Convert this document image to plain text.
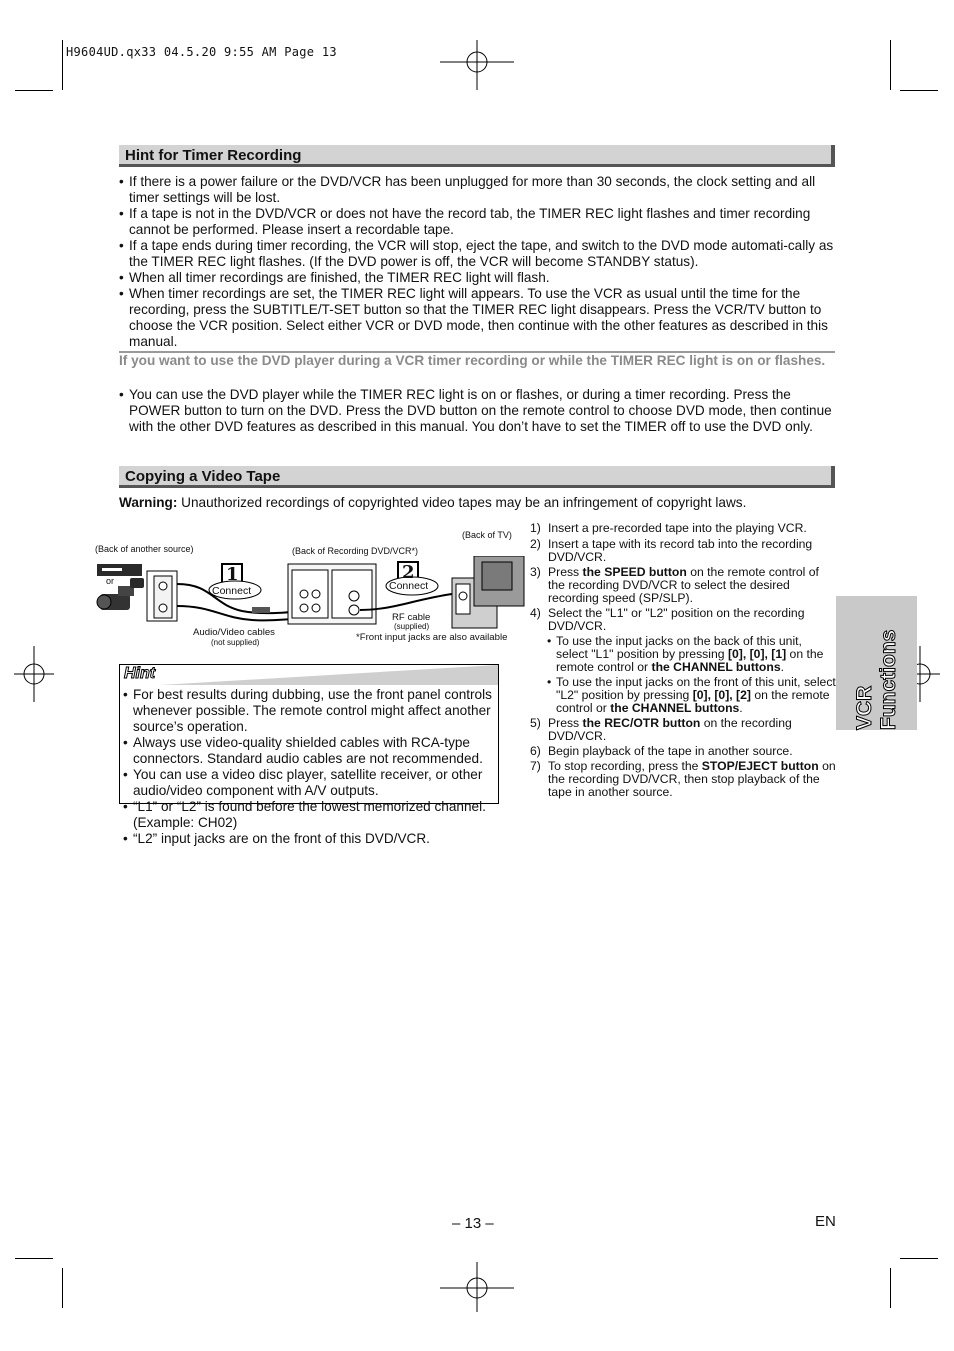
H9604UD.qx33 04.5.20 9:55 AM Page 13
Hint for Timer Recording
• If there is a power failure or the DVD/VCR has been unplugged for more than 30 seconds, the clock setting and all timer settings will be lost.
• If a tape is not in the DVD/VCR or does not have the record tab, the TIMER REC light flashes and timer recording cannot be performed. Please insert a recordable tape.
• If a tape ends during timer recording, the VCR will stop, eject the tape, and switch to the DVD mode automati-cally as the TIMER REC light flashes. (If the DVD power is off, the VCR will become STANDBY status).
• When all timer recordings are finished, the TIMER REC light will flash.
• When timer recordings are set, the TIMER REC light will appears. To use the VCR as usual until the time for the recording, press the SUBTITLE/T-SET button so that the TIMER REC light disappears. Press the VCR/TV button to choose the VCR position. Select either VCR or DVD mode, then continue with the other features as described in this manual.
If you want to use the DVD player during a VCR timer recording or while the TIMER REC light is on or flashes.
• You can use the DVD player while the TIMER REC light is on or flashes, or during a timer recording. Press the POWER button to turn on the DVD. Press the DVD button on the remote control to choose DVD mode, then continue with the other DVD features as described in this manual. You don’t have to set the TIMER off to use the DVD only.
Copying a Video Tape
Warning: Unauthorized recordings of copyrighted video tapes may be an infringement of copyright laws.
(Back of another source)	(Back of Recording DVD/VCR*)
(Back of TV)
1	2
Connect	Connect
or
Audio/Video cables
(not supplied)
RF cable
(supplied)
*Front input jacks are also available
Hint
• For best results during dubbing, use the front panel controls whenever possible. The remote control might affect another source’s operation.
• Always use video-quality shielded cables with RCA-type connectors. Standard audio cables are not recommended.
• You can use a video disc player, satellite receiver, or other audio/video component with A/V outputs.
• “L1” or “L2” is found before the lowest memorized channel. (Example: CH02)
• “L2” input jacks are on the front of this DVD/VCR.
1) Insert a pre-recorded tape into the playing VCR.
2) Insert a tape with its record tab into the recording DVD/VCR.
3) Press the SPEED button on the remote control of the recording DVD/VCR to select the desired recording speed (SP/SLP).
4) Select the "L1" or "L2" position on the recording DVD/VCR.
• To use the input jacks on the back of this unit, select "L1" position by pressing [0], [0], [1] on the remote control or the CHANNEL buttons.
• To use the input jacks on the front of this unit, select "L2" position by pressing [0], [0], [2] on the remote control or the CHANNEL buttons.
5) Press the REC/OTR button on the recording DVD/VCR.
6) Begin playback of the tape in another source.
7) To stop recording, press the STOP/EJECT button on the recording DVD/VCR, then stop playback of the tape in another source.
VCR Functions
– 13 –	EN
